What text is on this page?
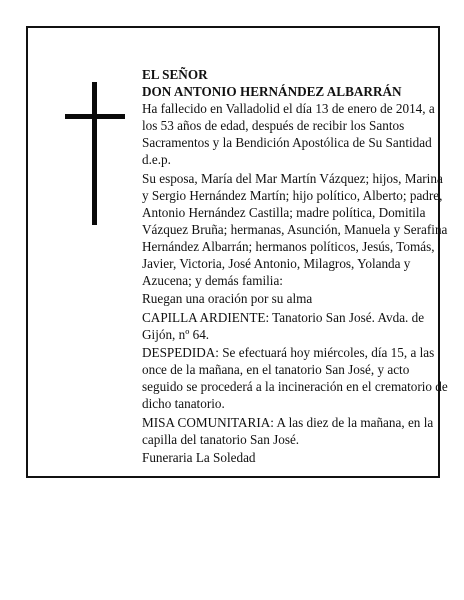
EL SEÑOR
DON ANTONIO HERNÁNDEZ ALBARRÁN

Ha fallecido en Valladolid el día 13 de enero de 2014, a los 53 años de edad, después de recibir los Santos Sacramentos y la Bendición Apostólica de Su Santidad d.e.p.

Su esposa, María del Mar Martín Vázquez; hijos, Marina y Sergio Hernández Martín; hijo político, Alberto; padre, Antonio Hernández Castilla; madre política, Domitila Vázquez Bruña; hermanas, Asunción, Manuela y Serafina Hernández Albarrán; hermanos políticos, Jesús, Tomás, Javier, Victoria, José Antonio, Milagros, Yolanda y Azucena; y demás familia:

Ruegan una oración por su alma

CAPILLA ARDIENTE: Tanatorio San José. Avda. de Gijón, nº 64.

DESPEDIDA: Se efectuará hoy miércoles, día 15, a las once de la mañana, en el tanatorio San José, y acto seguido se procederá a la incineración en el crematorio de dicho tanatorio.

MISA COMUNITARIA: A las diez de la mañana, en la capilla del tanatorio San José.

Funeraria La Soledad
